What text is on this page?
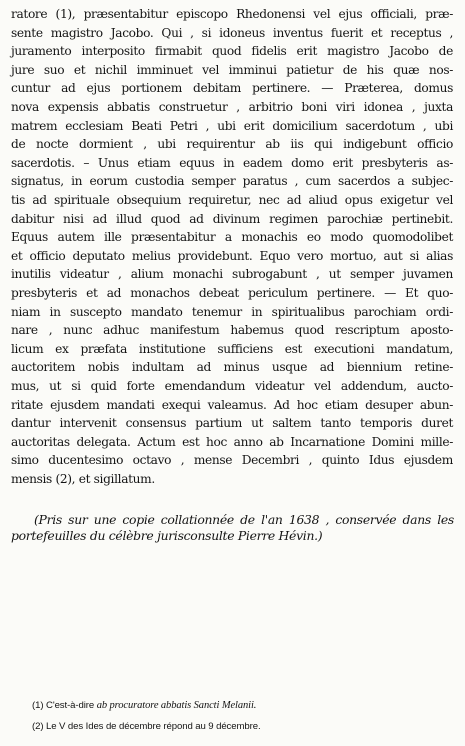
ratore (1), præsentabitur episcopo Rhedonensi vel ejus officiali, præ-
sente magistro Jacobo. Qui , si idoneus inventus fuerit et receptus ,
juramento interposito firmabit quod fidelis erit magistro Jacobo de
jure suo et nichil imminuet vel imminui patietur de his quæ nos-
cuntur ad ejus portionem debitam pertinere. — Præterea, domus
nova expensis abbatis construetur , arbitrio boni viri idonea , juxta
matrem ecclesiam Beati Petri , ubi erit domicilium sacerdotum , ubi
de nocte dormient , ubi requirentur ab iis qui indigebunt officio
sacerdotis. – Unus etiam equus in eadem domo erit presbyteris as-
signatus, in eorum custodia semper paratus , cum sacerdos a subjec-
tis ad spirituale obsequium requiretur, nec ad aliud opus exigetur vel
dabitur nisi ad illud quod ad divinum regimen parochiæ pertinebit.
Equus autem ille præsentabitur a monachis eo modo quomodolibet
et officio deputato melius providebunt. Equo vero mortuo, aut si alias
inutilis videatur , alium monachi subrogabunt , ut semper juvamen
presbyteris et ad monachos debeat periculum pertinere. — Et quo-
niam in suscepto mandato tenemur in spiritualibus parochiam ordi-
nare , nunc adhuc manifestum habemus quod rescriptum aposto-
licum ex præfata institutione sufficiens est executioni mandatum,
auctoritem nobis indultam ad minus usque ad biennium retine-
mus, ut si quid forte emendandum videatur vel addendum, aucto-
ritate ejusdem mandati exequi valeamus. Ad hoc etiam desuper abun-
dantur intervenit consensus partium ut saltem tanto temporis duret
auctoritas delegata. Actum est hoc anno ab Incarnatione Domini mille-
simo ducentesimo octavo , mense Decembri , quinto Idus ejusdem
mensis (2), et sigillatum.
(Pris sur une copie collationnée de l'an 1638 , conservée dans les
portefeuilles du célèbre jurisconsulte Pierre Hévin.)
(1) C'est-à-dire ab procuratore abbatis Sancti Melanii.
(2) Le V des Ides de décembre répond au 9 décembre.
